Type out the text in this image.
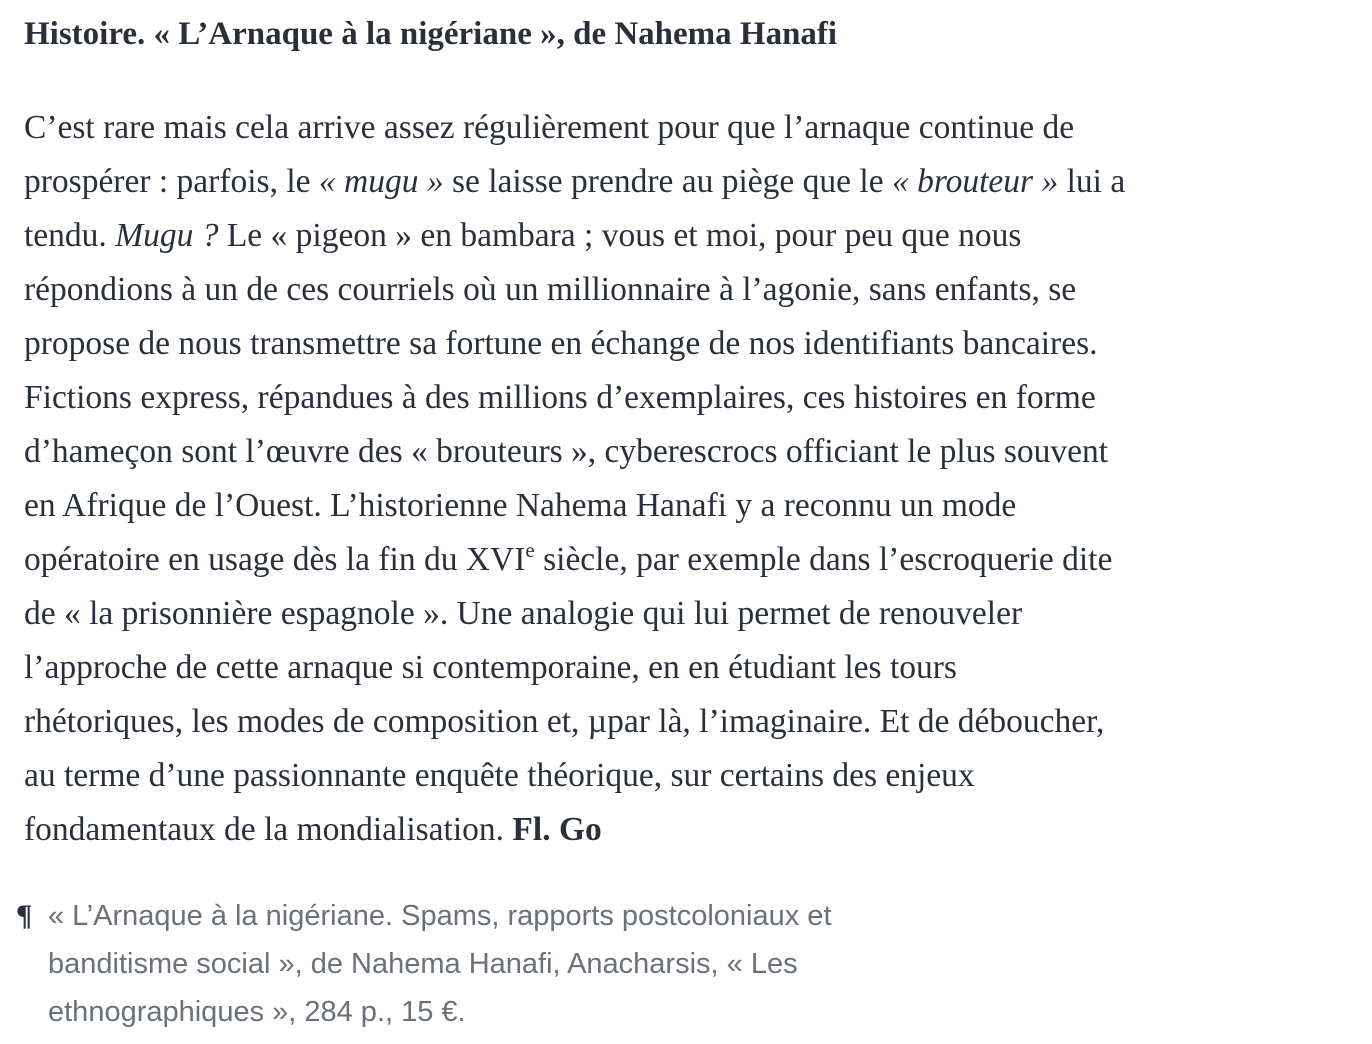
Histoire. « L’Arnaque à la nigériane », de Nahema Hanafi
C’est rare mais cela arrive assez régulièrement pour que l’arnaque continue de
prospérer : parfois, le « mugu » se laisse prendre au piège que le « brouteur » lui a
tendu. Mugu ? Le « pigeon » en bambara ; vous et moi, pour peu que nous
répondions à un de ces courriels où un millionnaire à l’agonie, sans enfants, se
propose de nous transmettre sa fortune en échange de nos identifiants bancaires.
Fictions express, répandues à des millions d’exemplaires, ces histoires en forme
d’hameçon sont l’œuvre des « brouteurs », cyberescrocs officiant le plus souvent
en Afrique de l’Ouest. L’historienne Nahema Hanafi y a reconnu un mode
opératoire en usage dès la fin du XVIe siècle, par exemple dans l’escroquerie dite
de « la prisonnière espagnole ». Une analogie qui lui permet de renouveler
l’approche de cette arnaque si contemporaine, en en étudiant les tours
rhétoriques, les modes de composition et, µpar là, l’imaginaire. Et de déboucher,
au terme d’une passionnante enquête théorique, sur certains des enjeux
fondamentaux de la mondialisation. Fl. Go
¶ « L’Arnaque à la nigériane. Spams, rapports postcoloniaux et
banditisme social », de Nahema Hanafi, Anacharsis, « Les
ethnographiques », 284 p., 15 €.
